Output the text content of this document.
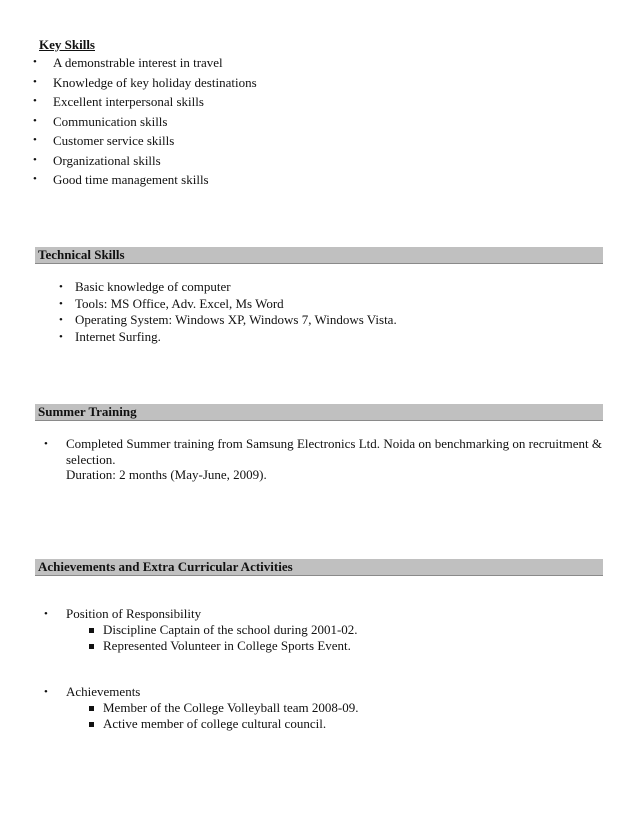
Key Skills
• A demonstrable interest in travel
• Knowledge of key holiday destinations
• Excellent interpersonal skills
• Communication skills
• Customer service skills
• Organizational skills
• Good time management skills
Technical Skills
• Basic knowledge of computer
• Tools: MS Office, Adv. Excel, Ms Word
• Operating System: Windows XP, Windows 7, Windows Vista.
• Internet Surfing.
Summer Training
• Completed Summer training from Samsung Electronics Ltd. Noida on benchmarking on recruitment & selection.
Duration: 2 months (May-June, 2009).
Achievements and Extra Curricular Activities
• Position of Responsibility
Discipline Captain of the school during 2001-02.
Represented Volunteer in College Sports Event.
• Achievements
Member of the College Volleyball team 2008-09.
Active member of college cultural council.
